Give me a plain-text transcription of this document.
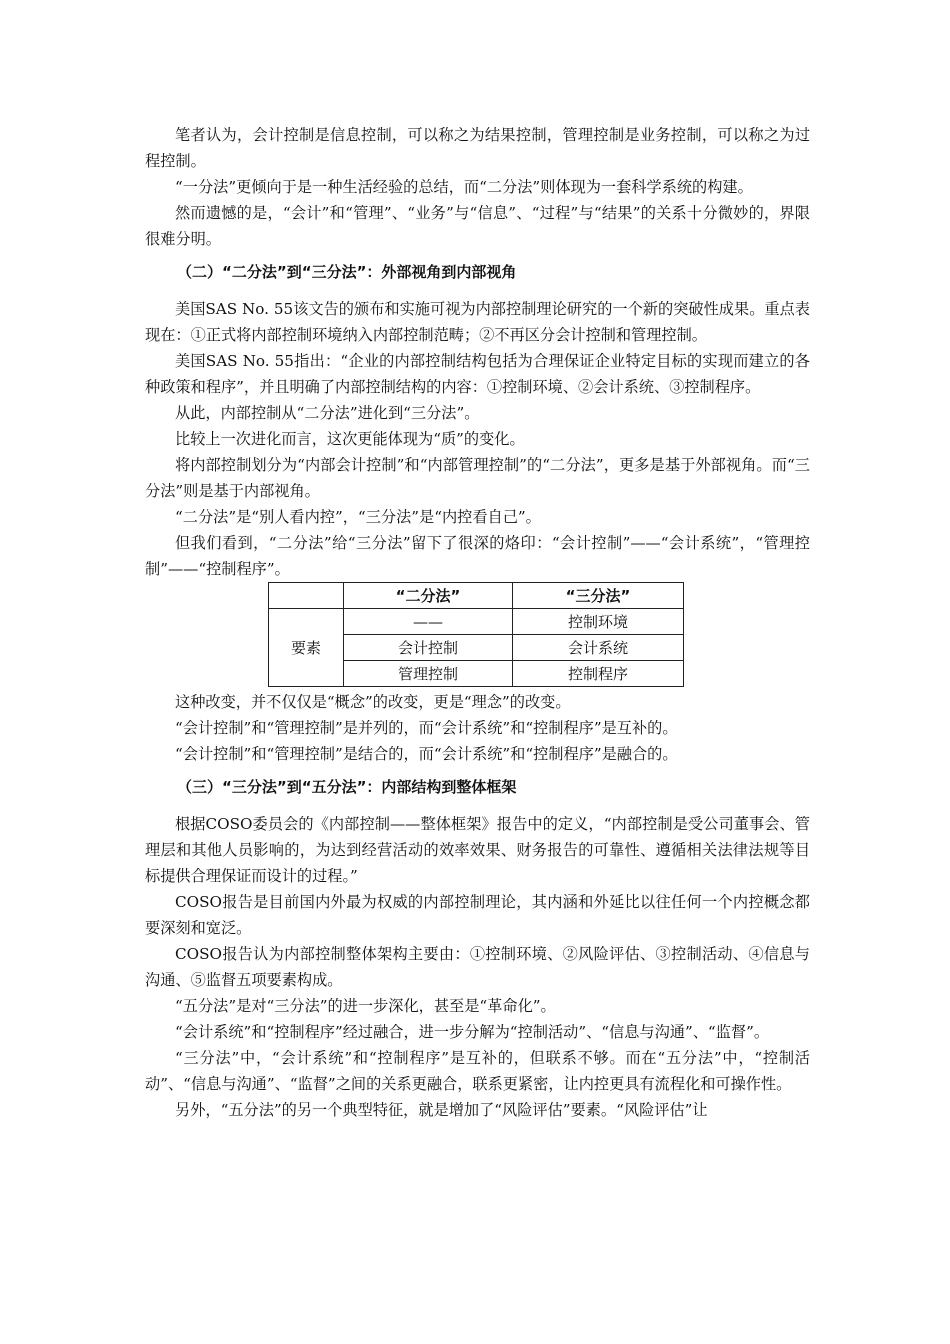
笔者认为，会计控制是信息控制，可以称之为结果控制，管理控制是业务控制，可以称之为过程控制。

“一分法”更倾向于是一种生活经验的总结，而“二分法”则体现为一套科学系统的构建。

然而遗憾的是，“会计”和“管理”、“业务”与“信息”、“过程”与“结果”的关系十分微妙的，界限很难分明。

（二）“二分法”到“三分法”：外部视角到内部视角

美国SAS No. 55该文告的颁布和实施可视为内部控制理论研究的一个新的突破性成果。重点表现在：①正式将内部控制环境纳入内部控制范畴；②不再区分会计控制和管理控制。

美国SAS No. 55指出：“企业的内部控制结构包括为合理保证企业特定目标的实现而建立的各种政策和程序”，并且明确了内部控制结构的内容：①控制环境、②会计系统、③控制程序。

从此，内部控制从“二分法”进化到“三分法”。

比较上一次进化而言，这次更能体现为“质”的变化。

将内部控制划分为“内部会计控制”和“内部管理控制”的“二分法”，更多是基于外部视角。而“三分法”则是基于内部视角。

“二分法”是“别人看内控”，“三分法”是“内控看自己”。

但我们看到，“二分法”给“三分法”留下了很深的烙印：“会计控制”——“会计系统”，“管理控制”——“控制程序”。

	“二分法”	“三分法”
要素	——	控制环境
	会计控制	会计系统
	管理控制	控制程序

这种改变，并不仅仅是“概念”的改变，更是“理念”的改变。

“会计控制”和“管理控制”是并列的，而“会计系统”和“控制程序”是互补的。

“会计控制”和“管理控制”是结合的，而“会计系统”和“控制程序”是融合的。

（三）“三分法”到“五分法”：内部结构到整体框架

根据COSO委员会的《内部控制——整体框架》报告中的定义，“内部控制是受公司董事会、管理层和其他人员影响的，为达到经营活动的效率效果、财务报告的可靠性、遵循相关法律法规等目标提供合理保证而设计的过程。”

COSO报告是目前国内外最为权威的内部控制理论，其内涵和外延比以往任何一个内控概念都要深刻和宽泛。

COSO报告认为内部控制整体架构主要由：①控制环境、②风险评估、③控制活动、④信息与沟通、⑤监督五项要素构成。

“五分法”是对“三分法”的进一步深化，甚至是“革命化”。

“会计系统”和“控制程序”经过融合，进一步分解为“控制活动”、“信息与沟通”、“监督”。

“三分法”中，“会计系统”和“控制程序”是互补的，但联系不够。而在“五分法”中，“控制活动”、“信息与沟通”、“监督”之间的关系更融合，联系更紧密，让内控更具有流程化和可操作性。

另外，“五分法”的另一个典型特征，就是增加了“风险评估”要素。“风险评估”让
